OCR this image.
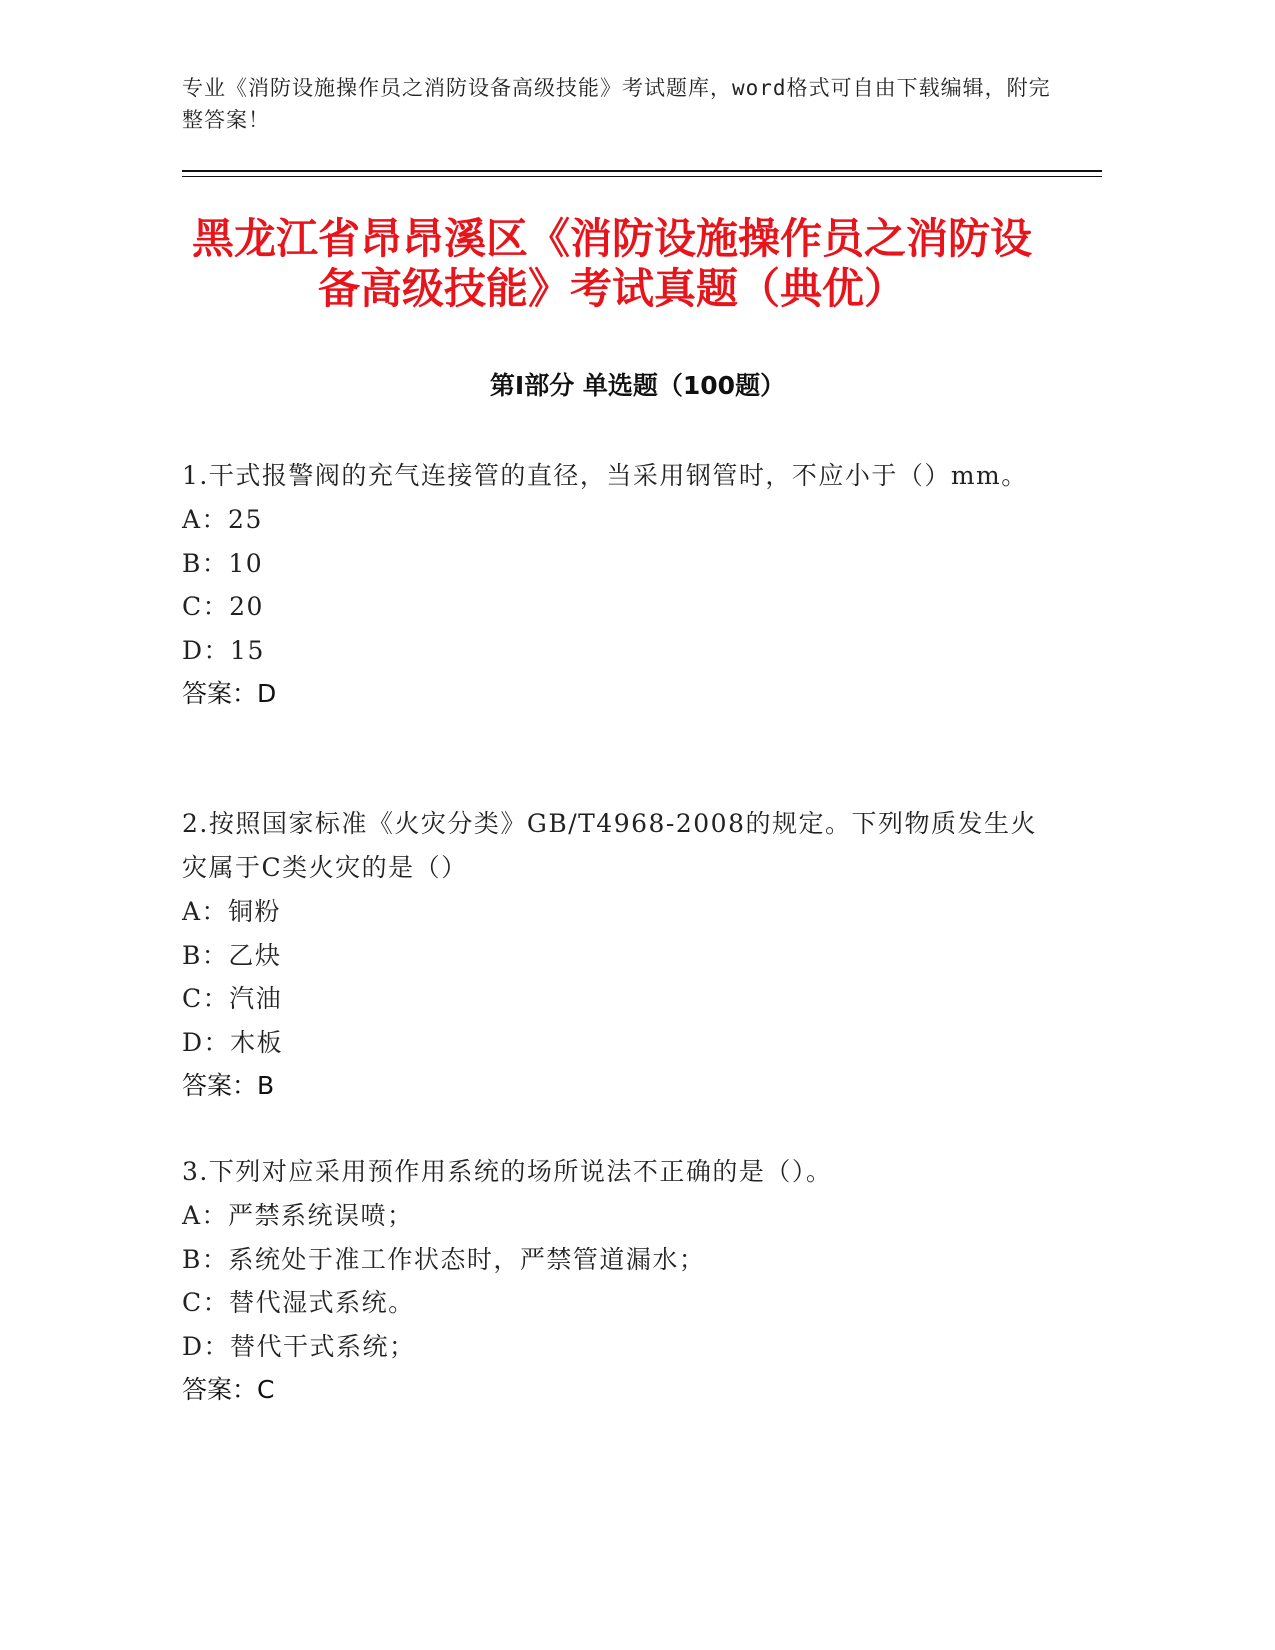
专业《消防设施操作员之消防设备高级技能》考试题库，word格式可自由下载编辑，附完整答案！
黑龙江省昂昂溪区《消防设施操作员之消防设备高级技能》考试真题（典优）
第I部分 单选题（100题）
1.干式报警阀的充气连接管的直径，当采用钢管时，不应小于（）mm。
A：25
B：10
C：20
D：15
答案：D
2.按照国家标准《火灾分类》GB/T4968-2008的规定。下列物质发生火灾属于C类火灾的是（）
A：铜粉
B：乙炔
C：汽油
D：木板
答案：B
3.下列对应采用预作用系统的场所说法不正确的是（）。
A：严禁系统误喷；
B：系统处于准工作状态时，严禁管道漏水；
C：替代湿式系统。
D：替代干式系统；
答案：C
